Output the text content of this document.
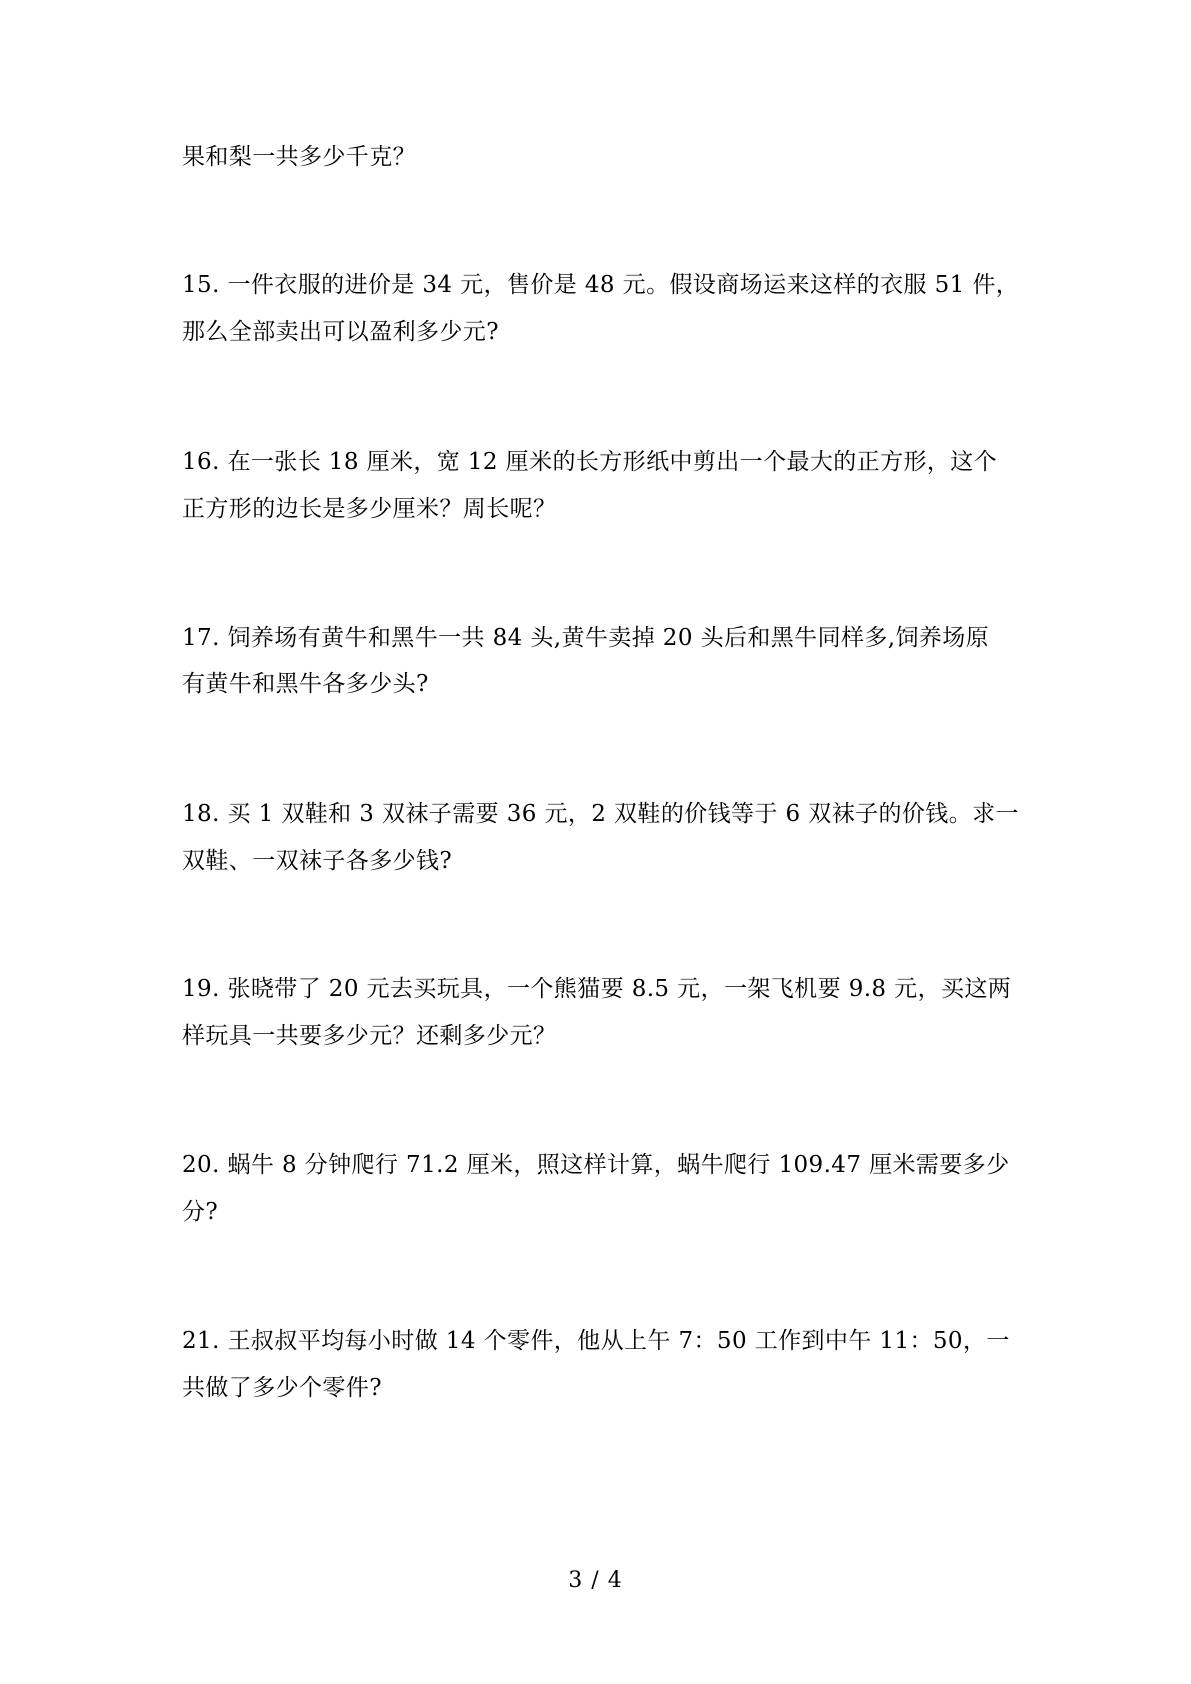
果和梨一共多少千克？
15. 一件衣服的进价是 34 元，售价是 48 元。假设商场运来这样的衣服 51 件，
那么全部卖出可以盈利多少元?
16. 在一张长 18 厘米，宽 12 厘米的长方形纸中剪出一个最大的正方形，这个
正方形的边长是多少厘米？周长呢？
17. 饲养场有黄牛和黑牛一共 84 头,黄牛卖掉 20 头后和黑牛同样多,饲养场原
有黄牛和黑牛各多少头?
18. 买 1 双鞋和 3 双袜子需要 36 元，2 双鞋的价钱等于 6 双袜子的价钱。求一
双鞋、一双袜子各多少钱?
19. 张晓带了 20 元去买玩具，一个熊猫要 8.5 元，一架飞机要 9.8 元，买这两
样玩具一共要多少元？还剩多少元？
20. 蜗牛 8 分钟爬行 71.2 厘米，照这样计算，蜗牛爬行 109.47 厘米需要多少
分?
21. 王叔叔平均每小时做 14 个零件，他从上午 7：50 工作到中午 11：50，一
共做了多少个零件?
3 / 4
